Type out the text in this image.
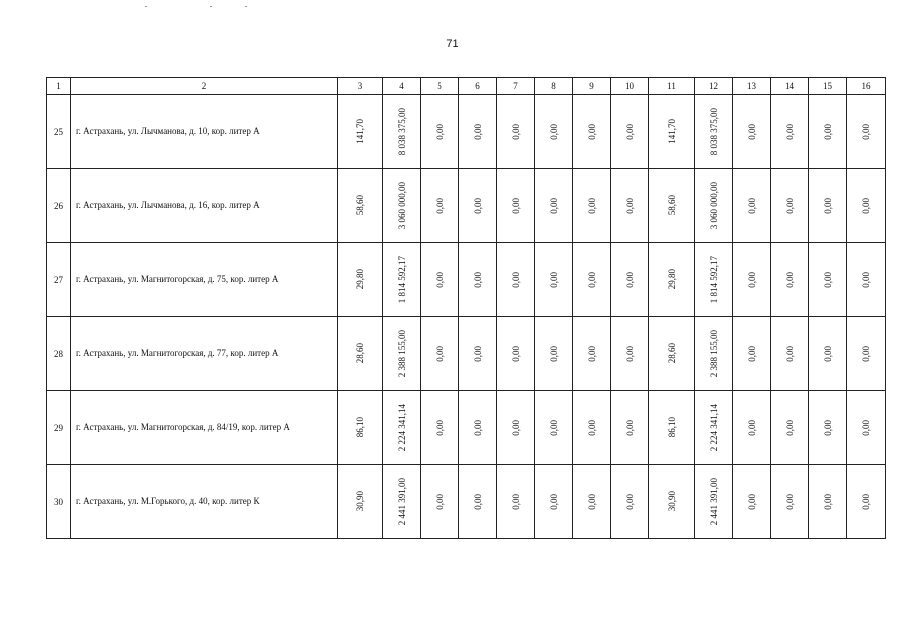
71
1	2	3	4	5	6	7	8	9	10	11	12	13	14	15	16
25	г. Астрахань, ул. Лычманова, д. 10, кор. литер А	141,70	8 038 375,00	0,00	0,00	0,00	0,00	0,00	0,00	141,70	8 038 375,00	0,00	0,00	0,00	0,00

26	г. Астрахань, ул. Лычманова, д. 16, кор. литер А	58,60	3 060 000,00	0,00	0,00	0,00	0,00	0,00	0,00	58,60	3 060 000,00	0,00	0,00	0,00	0,00

27	г. Астрахань, ул. Магнитогорская, д. 75, кор. литер А	29,80	1 814 592,17	0,00	0,00	0,00	0,00	0,00	0,00	29,80	1 814 592,17	0,00	0,00	0,00	0,00

28	г. Астрахань, ул. Магнитогорская, д. 77, кор. литер А	28,60	2 388 155,00	0,00	0,00	0,00	0,00	0,00	0,00	28,60	2 388 155,00	0,00	0,00	0,00	0,00

29	г. Астрахань, ул. Магнитогорская, д. 84/19, кор. литер А	86,10	2 224 341,14	0,00	0,00	0,00	0,00	0,00	0,00	86,10	2 224 341,14	0,00	0,00	0,00	0,00

30	г. Астрахань, ул. М.Горького, д. 40, кор. литер К	30,90	2 441 391,00	0,00	0,00	0,00	0,00	0,00	0,00	30,90	2 441 391,00	0,00	0,00	0,00	0,00
